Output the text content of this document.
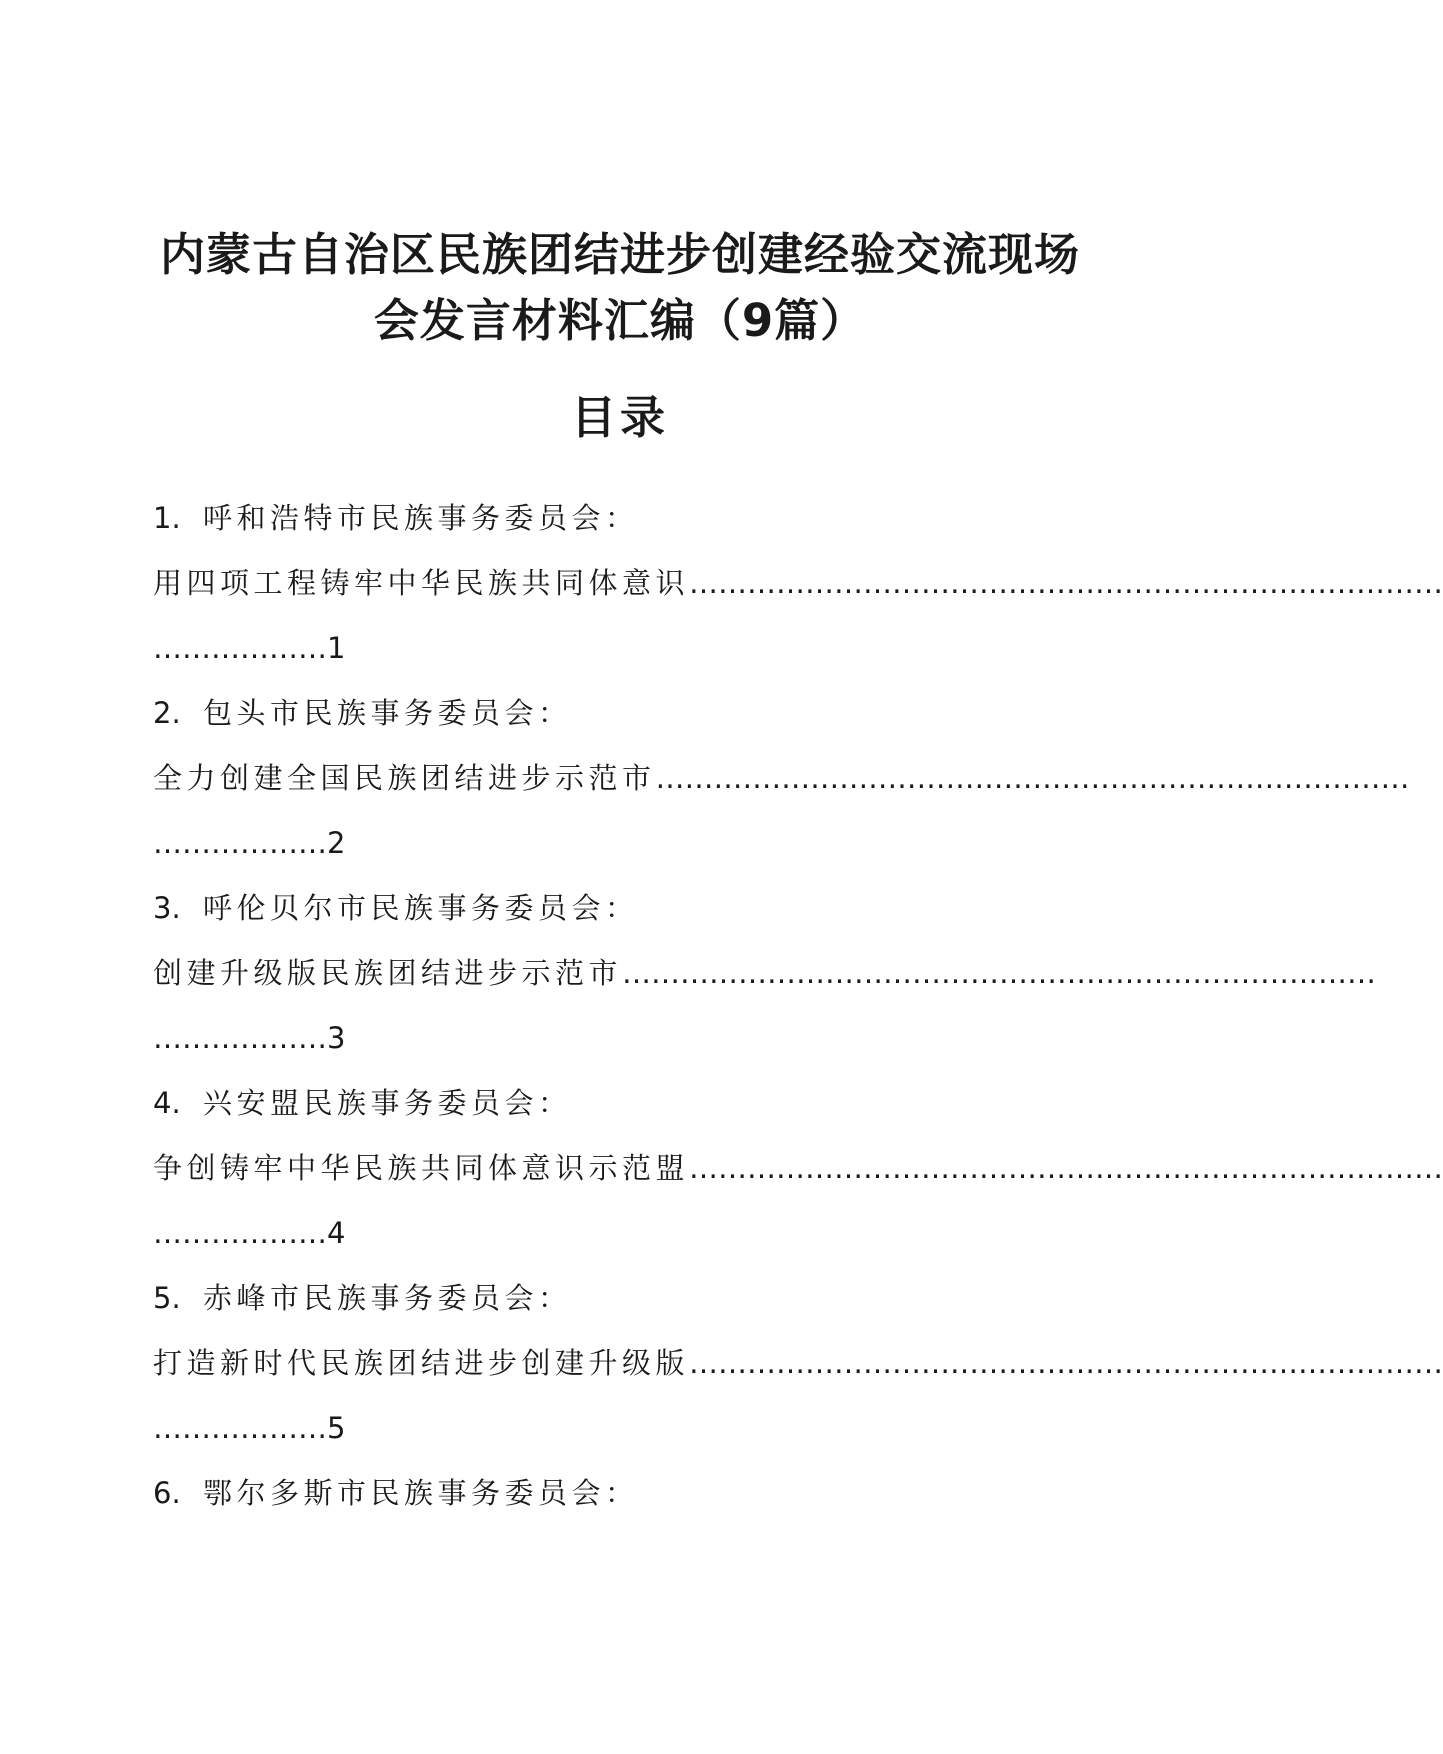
内蒙古自治区民族团结进步创建经验交流现场
会发言材料汇编（9篇）
目录
1. 呼和浩特市民族事务委员会：
用四项工程铸牢中华民族共同体意识 ……………………………………………………………………
………………1
2. 包头市民族事务委员会：
全力创建全国民族团结进步示范市 ……………………………………………………………………
………………2
3. 呼伦贝尔市民族事务委员会：
创建升级版民族团结进步示范市 ……………………………………………………………………
………………3
4. 兴安盟民族事务委员会：
争创铸牢中华民族共同体意识示范盟 ……………………………………………………………………
………………4
5. 赤峰市民族事务委员会：
打造新时代民族团结进步创建升级版 ……………………………………………………………………
………………5
6. 鄂尔多斯市民族事务委员会：
